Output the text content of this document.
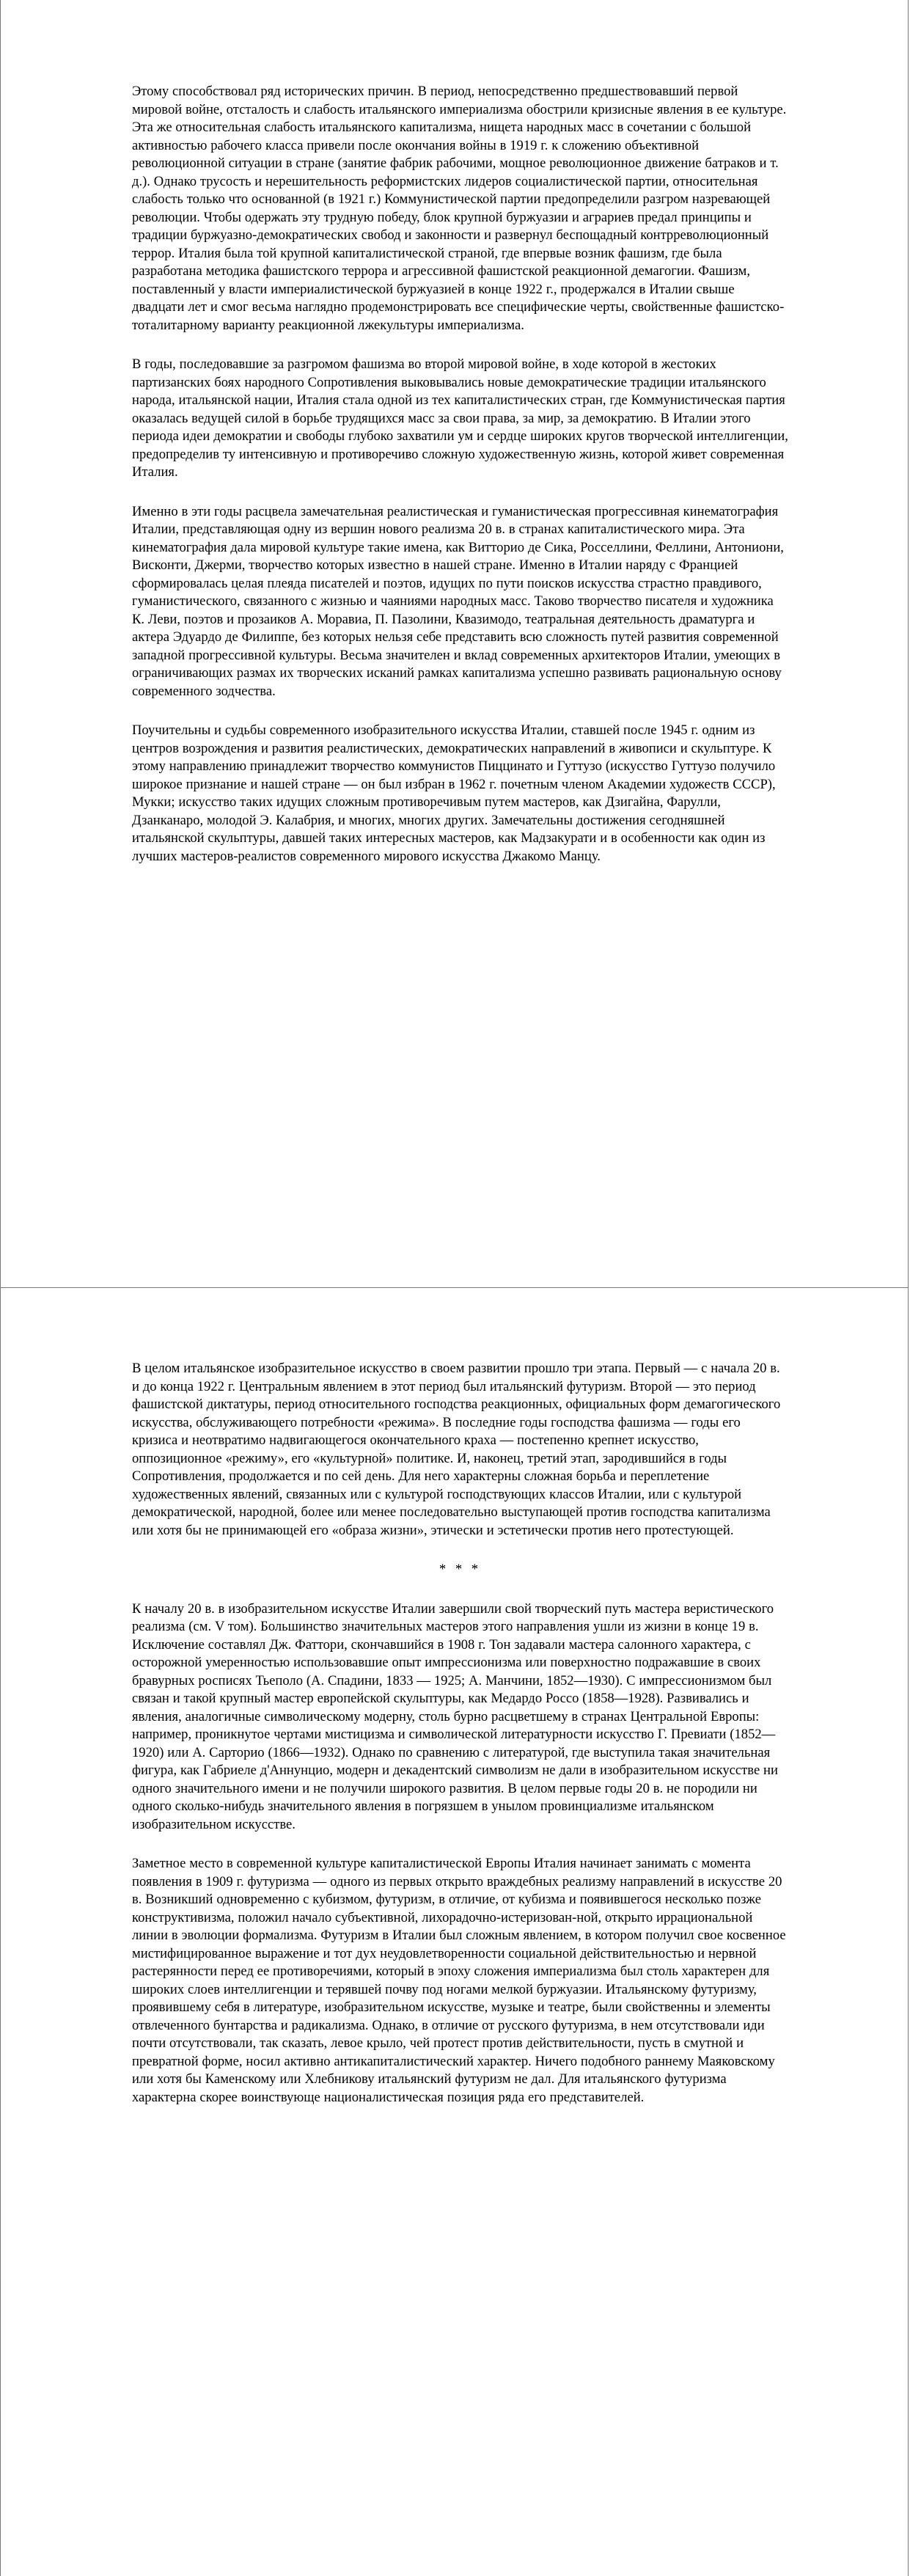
Этому способствовал ряд исторических причин. В период, непосредственно предшествовавший первой мировой войне, отсталость и слабость итальянского империализма обострили кризисные явления в ее культуре. Эта же относительная слабость итальянского капитализма, нищета народных масс в сочетании с большой активностью рабочего класса привели после окончания войны в 1919 г. к сложению объективной революционной ситуации в стране (занятие фабрик рабочими, мощное революционное движение батраков и т. д.). Однако трусость и нерешительность реформистских лидеров социалистической партии, относительная слабость только что основанной (в 1921 г.) Коммунистической партии предопределили разгром назревающей революции. Чтобы одержать эту трудную победу, блок крупной буржуазии и аграриев предал принципы и традиции буржуазно-демократических свобод и законности и развернул беспощадный контрреволюционный террор. Италия была той крупной капиталистической страной, где впервые возник фашизм, где была разработана методика фашистского террора и агрессивной фашистской реакционной демагогии. Фашизм, поставленный у власти империалистической буржуазией в конце 1922 г., продержался в Италии свыше двадцати лет и смог весьма наглядно продемонстрировать все специфические черты, свойственные фашистско-тоталитарному варианту реакционной лжекультуры империализма.

В годы, последовавшие за разгромом фашизма во второй мировой войне, в ходе которой в жестоких партизанских боях народного Сопротивления выковывались новые демократические традиции итальянского народа, итальянской нации, Италия стала одной из тех капиталистических стран, где Коммунистическая партия оказалась ведущей силой в борьбе трудящихся масс за свои права, за мир, за демократию. В Италии этого периода идеи демократии и свободы глубоко захватили ум и сердце широких кругов творческой интеллигенции, предопределив ту интенсивную и противоречиво сложную художественную жизнь, которой живет современная Италия.

Именно в эти годы расцвела замечательная реалистическая и гуманистическая прогрессивная кинематография Италии, представляющая одну из вершин нового реализма 20 в. в странах капиталистического мира. Эта кинематография дала мировой культуре такие имена, как Витторио де Сика, Росселлини, Феллини, Антониони, Висконти, Джерми, творчество которых известно в нашей стране. Именно в Италии наряду с Францией сформировалась целая плеяда писателей и поэтов, идущих по пути поисков искусства страстно правдивого, гуманистического, связанного с жизнью и чаяниями народных масс. Таково творчество писателя и художника К. Леви, поэтов и прозаиков А. Моравиа, П. Пазолини, Квазимодо, театральная деятельность драматурга и актера Эдуардо де Филиппе, без которых нельзя себе представить всю сложность путей развития современной западной прогрессивной культуры. Весьма значителен и вклад современных архитекторов Италии, умеющих в ограничивающих размах их творческих исканий рамках капитализма успешно развивать рациональную основу современного зодчества.

Поучительны и судьбы современного изобразительного искусства Италии, ставшей после 1945 г. одним из центров возрождения и развития реалистических, демократических направлений в живописи и скульптуре. К этому направлению принадлежит творчество коммунистов Пиццинато и Гуттузо (искусство Гуттузо получило широкое признание и нашей стране — он был избран в 1962 г. почетным членом Академии художеств СССР), Мукки; искусство таких идущих сложным противоречивым путем мастеров, как Дзигайна, Фарулли, Дзанканаро, молодой Э. Калабрия, и многих, многих других. Замечательны достижения сегодняшней итальянской скульптуры, давшей таких интересных мастеров, как Мадзакурати и в особенности как один из лучших мастеров-реалистов современного мирового искусства Джакомо Манцу.

В целом итальянское изобразительное искусство в своем развитии прошло три этапа. Первый — с начала 20 в. и до конца 1922 г. Центральным явлением в этот период был итальянский футуризм. Второй — это период фашистской диктатуры, период относительного господства реакционных, официальных форм демагогического искусства, обслуживающего потребности «режима». В последние годы господства фашизма — годы его кризиса и неотвратимо надвигающегося окончательного краха — постепенно крепнет искусство, оппозиционное «режиму», его «культурной» политике. И, наконец, третий этап, зародившийся в годы Сопротивления, продолжается и по сей день. Для него характерны сложная борьба и переплетение художественных явлений, связанных или с культурой господствующих классов Италии, или с культурой демократической, народной, более или менее последовательно выступающей против господства капитализма или хотя бы не принимающей его «образа жизни», этически и эстетически против него протестующей.

* * *

К началу 20 в. в изобразительном искусстве Италии завершили свой творческий путь мастера веристического реализма (см. V том). Большинство значительных мастеров этого направления ушли из жизни в конце 19 в. Исключение составлял Дж. Фаттори, скончавшийся в 1908 г. Тон задавали мастера салонного характера, с осторожной умеренностью использовавшие опыт импрессионизма или поверхностно подражавшие в своих бравурных росписях Тьеполо (А. Спадини, 1833 — 1925; А. Манчини, 1852—1930). С импрессионизмом был связан и такой крупный мастер европейской скульптуры, как Медардо Россо (1858—1928). Развивались и явления, аналогичные символическому модерну, столь бурно расцветшему в странах Центральной Европы: например, проникнутое чертами мистицизма и символической литературности искусство Г. Превиати (1852—1920) или А. Сарторио (1866—1932). Однако по сравнению с литературой, где выступила такая значительная фигура, как Габриеле д'Аннунцио, модерн и декадентский символизм не дали в изобразительном искусстве ни одного значительного имени и не получили широкого развития. В целом первые годы 20 в. не породили ни одного сколько-нибудь значительного явления в погрязшем в унылом провинциализме итальянском изобразительном искусстве.

Заметное место в современной культуре капиталистической Европы Италия начинает занимать с момента появления в 1909 г. футуризма — одного из первых открыто враждебных реализму направлений в искусстве 20 в. Возникший одновременно с кубизмом, футуризм, в отличие, от кубизма и появившегося несколько позже конструктивизма, положил начало субъективной, лихорадочно-истеризован-ной, открыто иррациональной линии в эволюции формализма. Футуризм в Италии был сложным явлением, в котором получил свое косвенное мистифицированное выражение и тот дух неудовлетворенности социальной действительностью и нервной растерянности перед ее противоречиями, который в эпоху сложения империализма был столь характерен для широких слоев интеллигенции и терявшей почву под ногами мелкой буржуазии. Итальянскому футуризму, проявившему себя в литературе, изобразительном искусстве, музыке и театре, были свойственны и элементы отвлеченного бунтарства и радикализма. Однако, в отличие от русского футуризма, в нем отсутствовали иди почти отсутствовали, так сказать, левое крыло, чей протест против действительности, пусть в смутной и превратной форме, носил активно антикапиталистический характер. Ничего подобного раннему Маяковскому или хотя бы Каменскому или Хлебникову итальянский футуризм не дал. Для итальянского футуризма характерна скорее воинствующе националистическая позиция ряда его представителей.
